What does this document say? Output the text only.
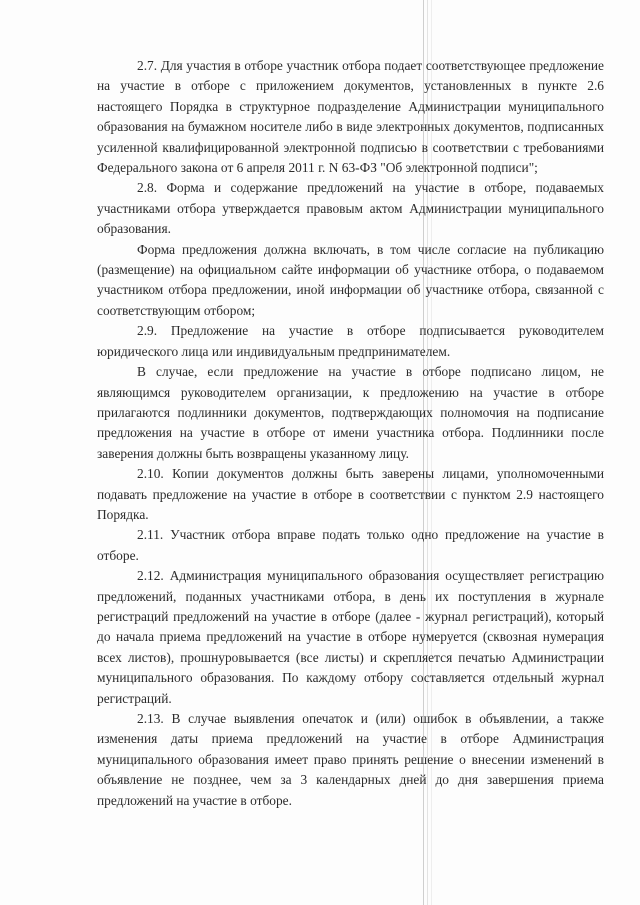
2.7. Для участия в отборе участник отбора подает соответствующее предложение на участие в отборе с приложением документов, установленных в пункте 2.6 настоящего Порядка в структурное подразделение Администрации муниципального образования на бумажном носителе либо в виде электронных документов, подписанных усиленной квалифицированной электронной подписью в соответствии с требованиями Федерального закона от 6 апреля 2011 г. N 63-ФЗ "Об электронной подписи";

2.8. Форма и содержание предложений на участие в отборе, подаваемых участниками отбора утверждается правовым актом Администрации муниципального образования.

Форма предложения должна включать, в том числе согласие на публикацию (размещение) на официальном сайте информации об участнике отбора, о подаваемом участником отбора предложении, иной информации об участнике отбора, связанной с соответствующим отбором;

2.9. Предложение на участие в отборе подписывается руководителем юридического лица или индивидуальным предпринимателем.

В случае, если предложение на участие в отборе подписано лицом, не являющимся руководителем организации, к предложению на участие в отборе прилагаются подлинники документов, подтверждающих полномочия на подписание предложения на участие в отборе от имени участника отбора. Подлинники после заверения должны быть возвращены указанному лицу.

2.10. Копии документов должны быть заверены лицами, уполномоченными подавать предложение на участие в отборе в соответствии с пунктом 2.9 настоящего Порядка.

2.11. Участник отбора вправе подать только одно предложение на участие в отборе.

2.12. Администрация муниципального образования осуществляет регистрацию предложений, поданных участниками отбора, в день их поступления в журнале регистраций предложений на участие в отборе (далее - журнал регистраций), который до начала приема предложений на участие в отборе нумеруется (сквозная нумерация всех листов), прошнуровывается (все листы) и скрепляется печатью Администрации муниципального образования. По каждому отбору составляется отдельный журнал регистраций.

2.13. В случае выявления опечаток и (или) ошибок в объявлении, а также изменения даты приема предложений на участие в отборе Администрация муниципального образования имеет право принять решение о внесении изменений в объявление не позднее, чем за 3 календарных дней до дня завершения приема предложений на участие в отборе.
